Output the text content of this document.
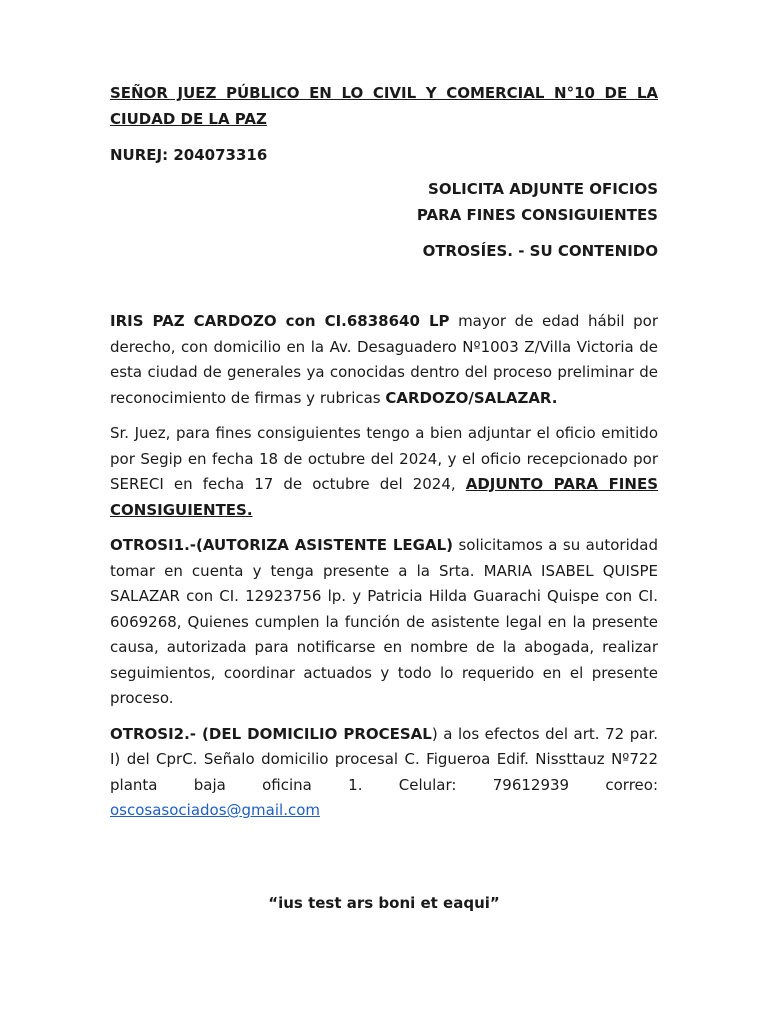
SEÑOR JUEZ PÚBLICO EN LO CIVIL Y COMERCIAL N°10 DE LA
CIUDAD DE LA PAZ

NUREJ: 204073316

SOLICITA ADJUNTE OFICIOS
PARA FINES CONSIGUIENTES
OTROSÍES. - SU CONTENIDO

IRIS PAZ CARDOZO con CI.6838640 LP mayor de edad hábil por derecho, con domicilio en la Av. Desaguadero Nº1003 Z/Villa Victoria de esta ciudad de generales ya conocidas dentro del proceso preliminar de reconocimiento de firmas y rubricas CARDOZO/SALAZAR.

Sr. Juez, para fines consiguientes tengo a bien adjuntar el oficio emitido por Segip en fecha 18 de octubre del 2024, y el oficio recepcionado por SERECI en fecha 17 de octubre del 2024, ADJUNTO PARA FINES CONSIGUIENTES.

OTROSI1.-(AUTORIZA ASISTENTE LEGAL) solicitamos a su autoridad tomar en cuenta y tenga presente a la Srta. MARIA ISABEL QUISPE SALAZAR con CI. 12923756 lp. y Patricia Hilda Guarachi Quispe con CI. 6069268, Quienes cumplen la función de asistente legal en la presente causa, autorizada para notificarse en nombre de la abogada, realizar seguimientos, coordinar actuados y todo lo requerido en el presente proceso.

OTROSI2.- (DEL DOMICILIO PROCESAL) a los efectos del art. 72 par. I) del CprC. Señalo domicilio procesal C. Figueroa Edif. Nissttauz Nº722 planta baja oficina 1. Celular: 79612939 correo: oscosasociados@gmail.com

“ius test ars boni et eaqui”
